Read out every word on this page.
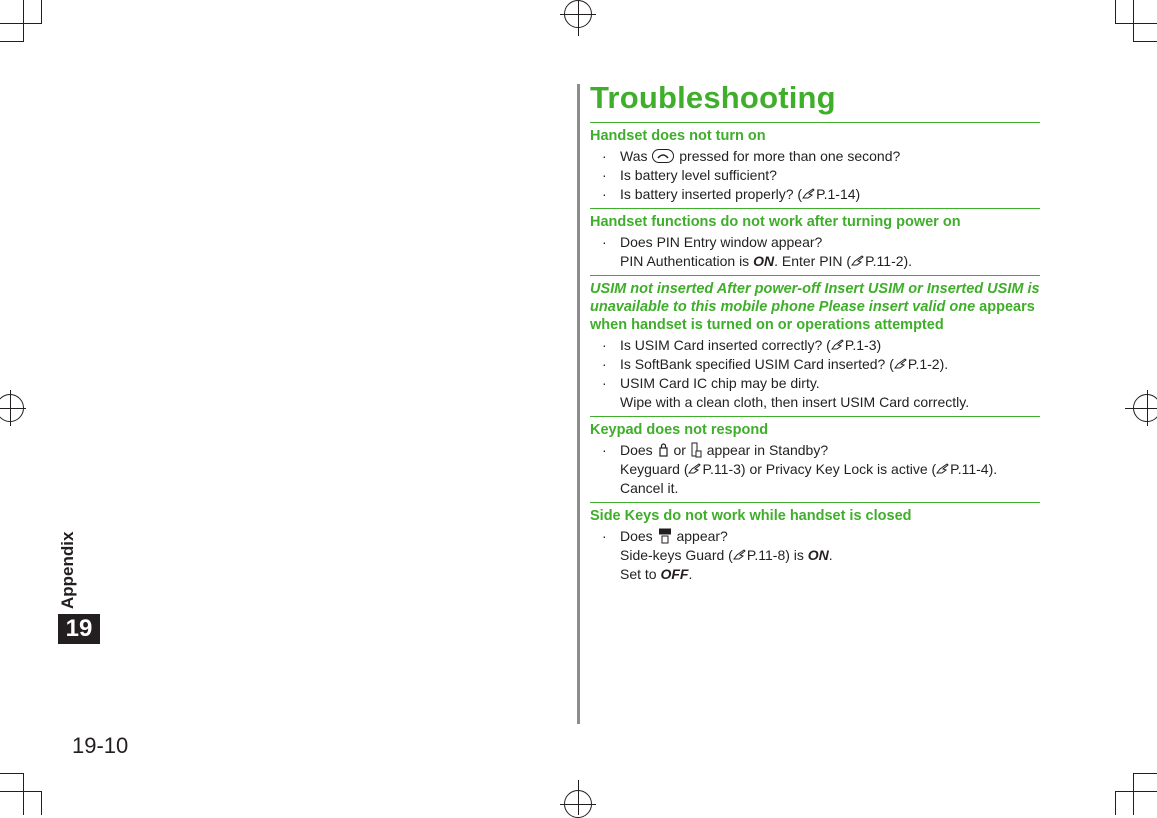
Appendix
19
19-10
Troubleshooting
Handset does not turn on
· Was
pressed for more than one second?
· Is battery level sufficient?
· Is battery inserted properly? ( P.1-14)
Handset functions do not work after turning power on
· Does PIN Entry window appear?
PIN Authentication is ON. Enter PIN ( P.11-2).
USIM not inserted After power-off Insert USIM or Inserted USIM is unavailable to this mobile phone Please insert valid one appears when handset is turned on or operations attempted
· Is USIM Card inserted correctly? ( P.1-3)
· Is SoftBank specified USIM Card inserted? ( P.1-2).
· USIM Card IC chip may be dirty.
Wipe with a clean cloth, then insert USIM Card correctly.
Keypad does not respond
· Does  or  appear in Standby?
Keyguard ( P.11-3) or Privacy Key Lock is active ( P.11-4). Cancel it.
Side Keys do not work while handset is closed
· Does  appear?
Side-keys Guard ( P.11-8) is ON.
Set to OFF.
